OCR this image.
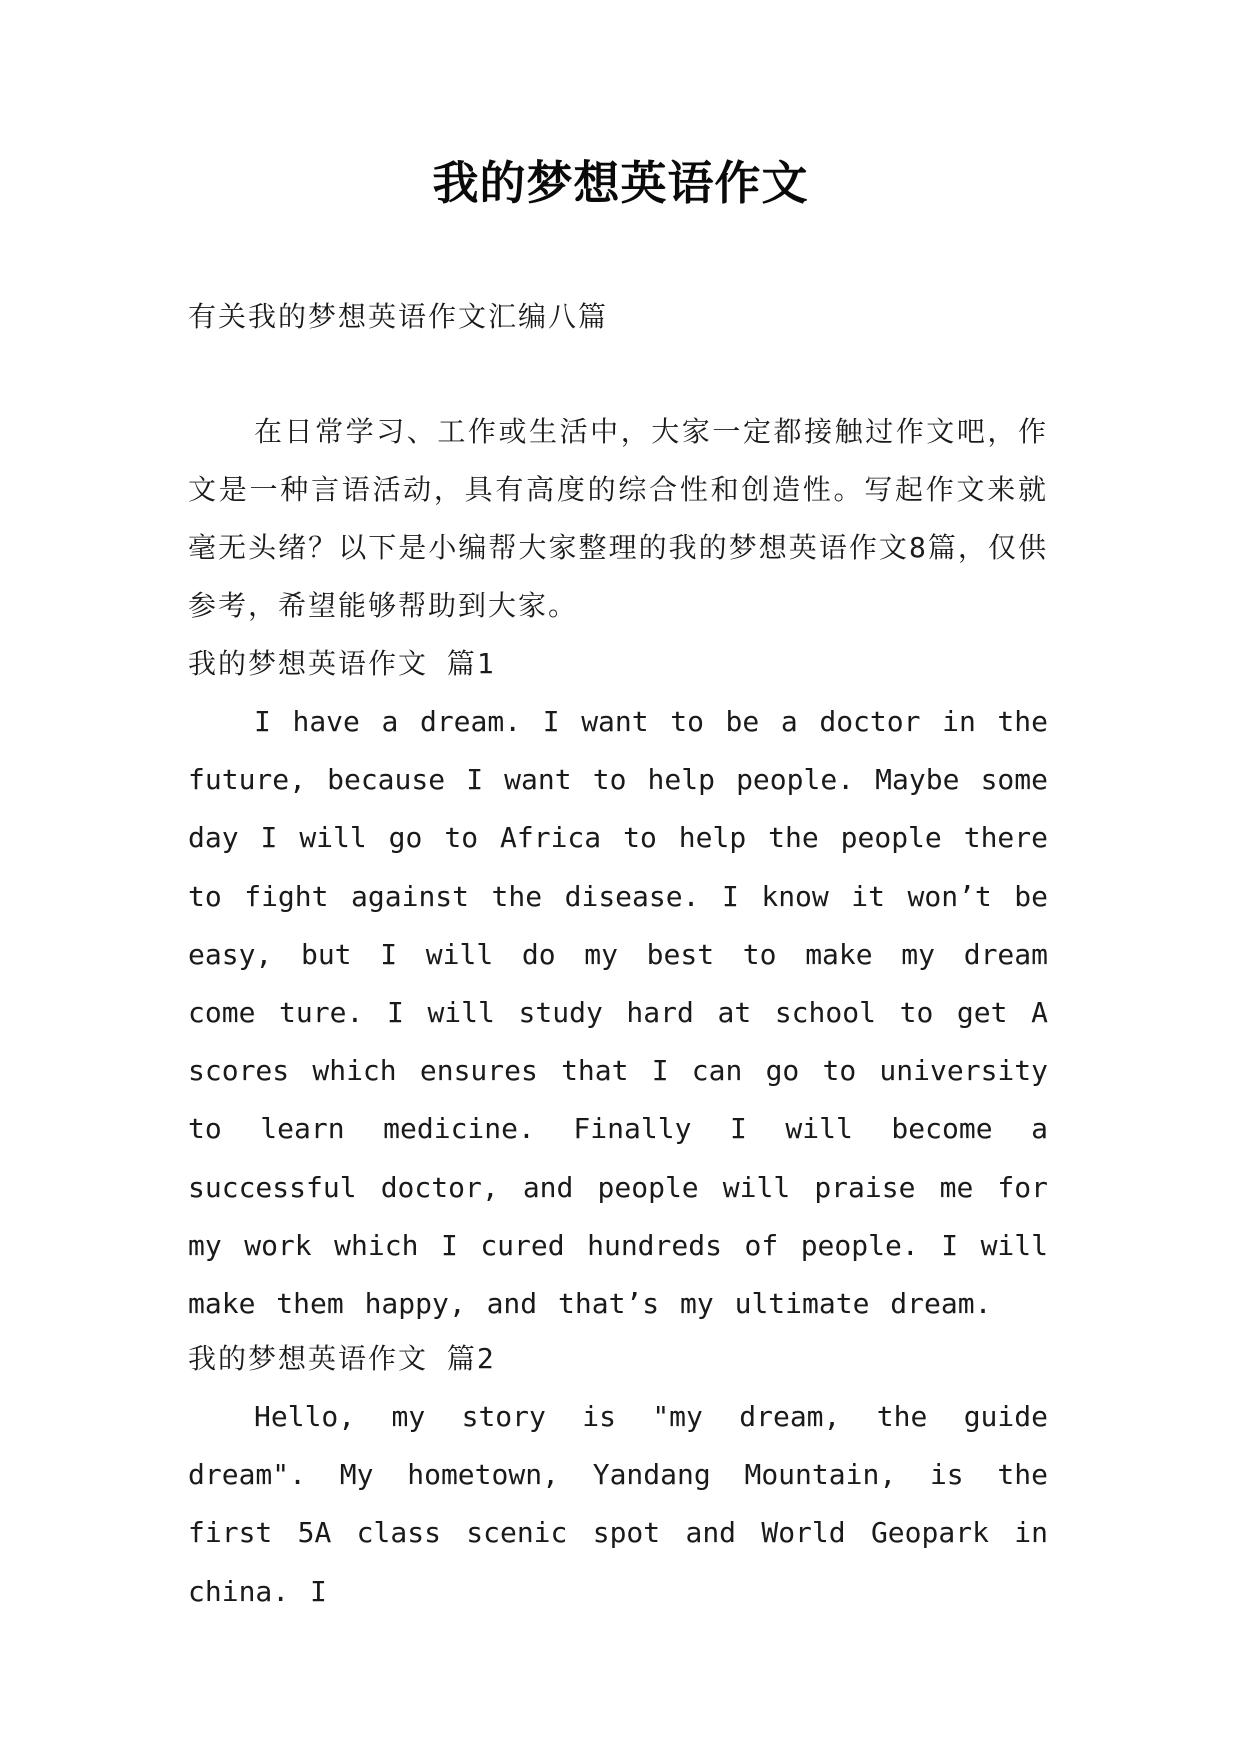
我的梦想英语作文

有关我的梦想英语作文汇编八篇

在日常学习、工作或生活中，大家一定都接触过作文吧，作文是一种言语活动，具有高度的综合性和创造性。写起作文来就毫无头绪？以下是小编帮大家整理的我的梦想英语作文8篇，仅供参考，希望能够帮助到大家。

我的梦想英语作文 篇1

I have a dream. I want to be a doctor in the future, because I want to help people. Maybe some day I will go to Africa to help the people there to fight against the disease. I know it won’t be easy, but I will do my best to make my dream come ture. I will study hard at school to get A scores which ensures that I can go to university to learn medicine. Finally I will become a successful doctor, and people will praise me for my work which I cured hundreds of people. I will make them happy, and that’s my ultimate dream.

我的梦想英语作文 篇2

Hello, my story is "my dream, the guide dream". My hometown, Yandang Mountain, is the first 5A class scenic spot and World Geopark in china. I
